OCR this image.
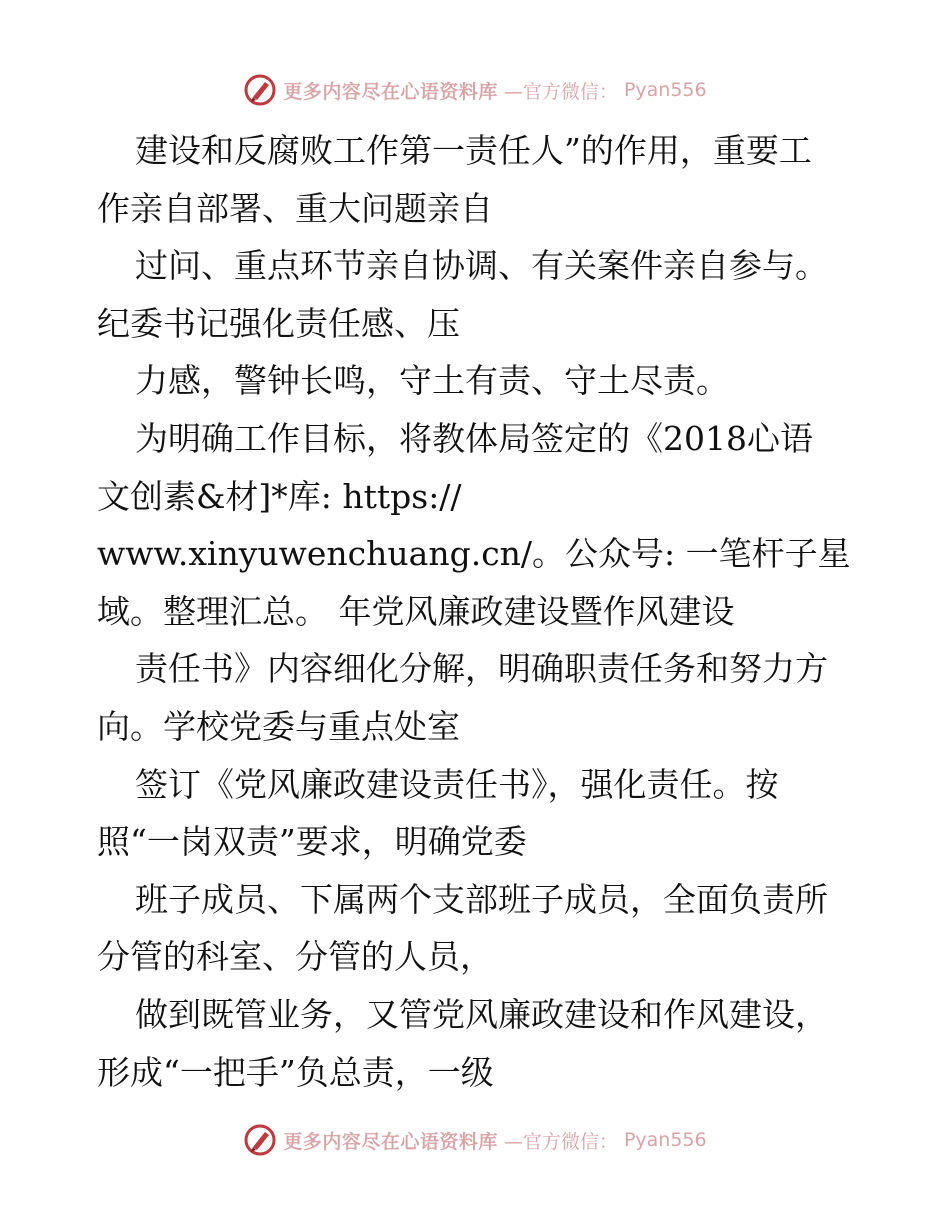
更多内容尽在心语资料库 —官方微信： Pyan556
建设和反腐败工作第一责任人”的作用，重要工
作亲自部署、重大问题亲自
过问、重点环节亲自协调、有关案件亲自参与。
纪委书记强化责任感、压
力感，警钟长鸣，守土有责、守土尽责。
为明确工作目标，将教体局签定的《2018心语
文创素&材]*库: https://
www.xinyuwenchuang.cn/。公众号: 一笔杆子星
域。整理汇总。 年党风廉政建设暨作风建设
责任书》内容细化分解，明确职责任务和努力方
向。学校党委与重点处室
签订《党风廉政建设责任书》，强化责任。按
照“一岗双责”要求，明确党委
班子成员、下属两个支部班子成员，全面负责所
分管的科室、分管的人员，
做到既管业务，又管党风廉政建设和作风建设，
形成“一把手”负总责，一级
更多内容尽在心语资料库 —官方微信： Pyan556
